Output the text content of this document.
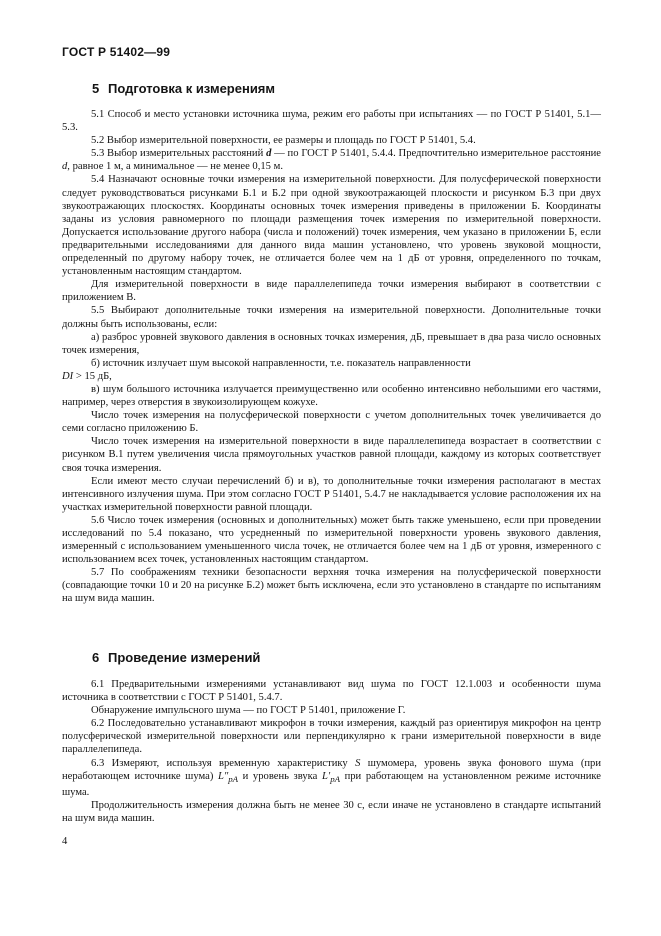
ГОСТ Р 51402—99
5 Подготовка к измерениям

5.1 Способ и место установки источника шума, режим его работы при испытаниях — по ГОСТ Р 51401, 5.1—5.3.

5.2 Выбор измерительной поверхности, ее размеры и площадь по ГОСТ Р 51401, 5.4.

5.3 Выбор измерительных расстояний d — по ГОСТ Р 51401, 5.4.4. Предпочтительно измерительное расстояние d, равное 1 м, а минимальное — не менее 0,15 м.

5.4 Назначают основные точки измерения на измерительной поверхности. Для полусферической поверхности следует руководствоваться рисунками Б.1 и Б.2 при одной звукоотражающей плоскости и рисунком Б.3 при двух звукоотражающих плоскостях. Координаты основных точек измерения приведены в приложении Б. Координаты заданы из условия равномерного по площади размещения точек измерения по измерительной поверхности. Допускается использование другого набора (числа и положений) точек измерения, чем указано в приложении Б, если предварительными исследованиями для данного вида машин установлено, что уровень звуковой мощности, определенный по другому набору точек, не отличается более чем на 1 дБ от уровня, определенного по точкам, установленным настоящим стандартом.

Для измерительной поверхности в виде параллелепипеда точки измерения выбирают в соответствии с приложением В.

5.5 Выбирают дополнительные точки измерения на измерительной поверхности. Дополнительные точки должны быть использованы, если:

а) разброс уровней звукового давления в основных точках измерения, дБ, превышает в два раза число основных точек измерения,

б) источник излучает шум высокой направленности, т.е. показатель направленности

DI > 15 дБ,

в) шум большого источника излучается преимущественно или особенно интенсивно небольшими его частями, например, через отверстия в звукоизолирующем кожухе.

Число точек измерения на полусферической поверхности с учетом дополнительных точек увеличивается до семи согласно приложению Б.

Число точек измерения на измерительной поверхности в виде параллелепипеда возрастает в соответствии с рисунком В.1 путем увеличения числа прямоугольных участков равной площади, каждому из которых соответствует своя точка измерения.

Если имеют место случаи перечислений б) и в), то дополнительные точки измерения располагают в местах интенсивного излучения шума. При этом согласно ГОСТ Р 51401, 5.4.7 не накладывается условие расположения их на участках измерительной поверхности равной площади.

5.6 Число точек измерения (основных и дополнительных) может быть также уменьшено, если при проведении исследований по 5.4 показано, что усредненный по измерительной поверхности уровень звукового давления, измеренный с использованием уменьшенного числа точек, не отличается более чем на 1 дБ от уровня, измеренного с использованием всех точек, установленных настоящим стандартом.

5.7 По соображениям техники безопасности верхняя точка измерения на полусферической поверхности (совпадающие точки 10 и 20 на рисунке Б.2) может быть исключена, если это установлено в стандарте по испытаниям на шум вида машин.

6 Проведение измерений

6.1 Предварительными измерениями устанавливают вид шума по ГОСТ 12.1.003 и особенности шума источника в соответствии с ГОСТ Р 51401, 5.4.7.

Обнаружение импульсного шума — по ГОСТ Р 51401, приложение Г.

6.2 Последовательно устанавливают микрофон в точки измерения, каждый раз ориентируя микрофон на центр полусферической измерительной поверхности или перпендикулярно к грани измерительной поверхности в виде параллелепипеда.

6.3 Измеряют, используя временную характеристику S шумомера, уровень звука фонового шума (при неработающем источнике шума) $L''_{pA}$ и уровень звука $L'_{pA}$ при работающем на установленном режиме источнике шума.

Продолжительность измерения должна быть не менее 30 с, если иначе не установлено в стандарте испытаний на шум вида машин.

4
